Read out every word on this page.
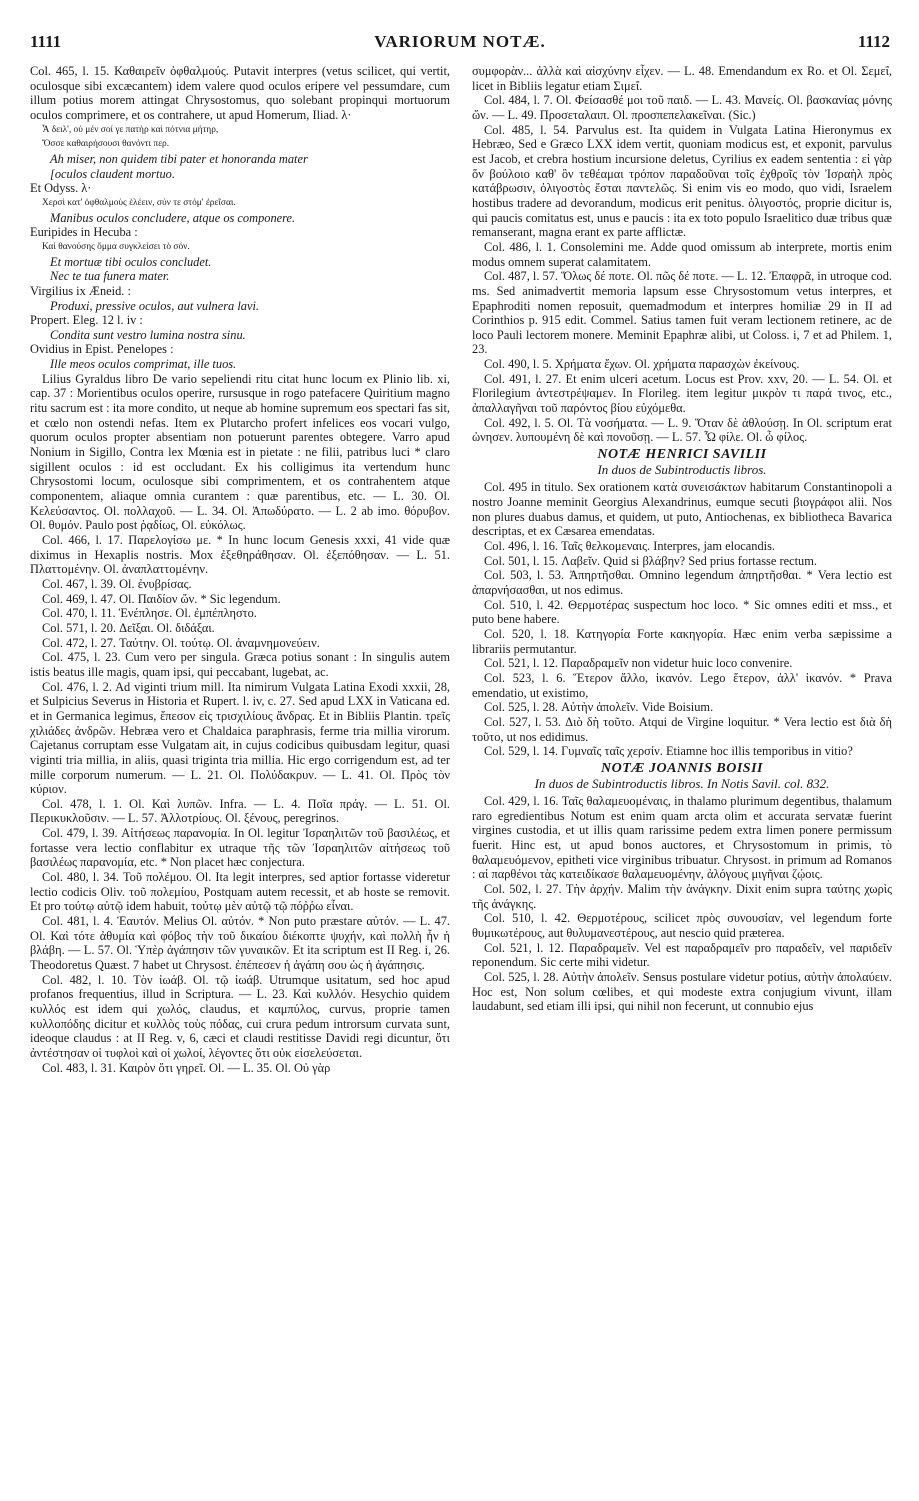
1111	VARIORUM NOTÆ.	1112

Col. 465, l. 15. Καθαιρεῖν ὀφθαλμούς. Putavit interpres (vetus scilicet, qui vertit, oculosque sibi excæcantem) idem valere quod oculos eripere vel pessumdare, cum illum potius morem attingat Chrysostomus, quo solebant propinqui mortuorum oculos comprimere, et os contrahere, ut apud Homerum, Iliad. λ·

Ἆ δειλ', οὐ μέν σοί γε πατὴρ καὶ πότνια μήτηρ,

Ὄσσε καθαιρήσουσι θανόντι περ.

Ah miser, non quidem tibi pater et honoranda mater

[oculos claudent mortuo.

Et Odyss. λ·

Χερσὶ κατ' ὀφθαλμοὺς ἑλέειν, σύν τε στόμ' ἐρεῖσαι.

Manibus oculos concludere, atque os componere.

Euripides in Hecuba :

Καὶ θανούσης ὄμμα συγκλείσει τὸ σόν.

Et mortuæ tibi oculos concludet.

Nec te tua funera mater.

Virgilius ix Æneid. :

Produxi, pressive oculos, aut vulnera lavi.

Propert. Eleg. 12 l. iv :

Condita sunt vestro lumina nostra sinu.

Ovidius in Epist. Penelopes :

Ille meos oculos comprimat, ille tuos.

Lilius Gyraldus libro De vario sepeliendi ritu citat hunc locum ex Plinio lib. xi, cap. 37 : Morientibus oculos operire, rursusque in rogo patefacere Quiritium magno ritu sacrum est : ita more condito, ut neque ab homine supremum eos spectari fas sit, et cœlo non ostendi nefas. Item ex Plutarcho profert infelices eos vocari vulgo, quorum oculos propter absentiam non potuerunt parentes obtegere. Varro apud Nonium in Sigillo, Contra lex Mœnia est in pietate : ne filii, patribus luci * claro sigillent oculos : id est occludant. Ex his colligimus ita vertendum hunc Chrysostomi locum, oculosque sibi comprimentem, et os contrahentem atque componentem, aliaque omnia curantem : quæ parentibus, etc. — L. 30. Ol. Κελεύσαντος. Ol. πολλαχοῦ. — L. 34. Ol. Ἀπωδύρατο. — L. 2 ab imo. θόρυβον. Ol. θυμόν. Paulo post ῥᾳδίως, Ol. εὐκόλως.

Col. 466, l. 17. Παρελογίσω με. * In hunc locum Genesis xxxi, 41 vide quæ diximus in Hexaplis nostris. Mox ἐξεθηράθησαν. Ol. ἐξεπόθησαν. — L. 51. Πλαττομένην. Ol. ἀναπλαττομένην.

Col. 467, l. 39. Ol. ἐνυβρίσας.

Col. 469, l. 47. Ol. Παιδίον ὤν. * Sic legendum.

Col. 470, l. 11. Ἐνέπλησε. Ol. ἐμπέπληστο.

Col. 571, l. 20. Δεῖξαι. Ol. διδάξαι.

Col. 472, l. 27. Ταύτην. Ol. τούτῳ. Ol. ἀναμνημονεύειν.

Col. 475, l. 23. Cum vero per singula. Græca potius sonant : In singulis autem istis beatus ille magis, quam ipsi, qui peccabant, lugebat, ac.

Col. 476, l. 2. Ad viginti trium mill. Ita nimirum Vulgata Latina Exodi xxxii, 28, et Sulpicius Severus in Historia et Rupert. l. iv, c. 27. Sed apud LXX in Vaticana ed. et in Germanica legimus, ἔπεσον εἰς τρισχιλίους ἄνδρας. Et in Bibliis Plantin. τρεῖς χιλιάδες ἀνδρῶν. Hebræa vero et Chaldaica paraphrasis, ferme tria millia virorum. Cajetanus corruptam esse Vulgatam ait, in cujus codicibus quibusdam legitur, quasi viginti tria millia, in aliis, quasi triginta tria millia. Hic ergo corrigendum est, ad ter mille corporum numerum. — L. 21. Ol. Πολύδακρυν. — L. 41. Ol. Πρὸς τὸν κύριον.

Col. 478, l. 1. Ol. Καὶ λυπῶν. Infra. — L. 4. Ποῖα πράγ. — L. 51. Ol. Περικυκλοῦσιν. — L. 57. Ἀλλοτρίους. Ol. ξένους, peregrinos.

Col. 479, l. 39. Αἰτήσεως παρανομία. In Ol. legitur Ἰσραηλιτῶν τοῦ βασιλέως, et fortasse vera lectio conflabitur ex utraque τῆς τῶν Ἰσραηλιτῶν αἰτήσεως τοῦ βασιλέως παρανομία, etc. * Non placet hæc conjectura.

Col. 480, l. 34. Τοῦ πολέμου. Ol. Ita legit interpres, sed aptior fortasse videretur lectio codicis Oliv. τοῦ πολεμίου, Postquam autem recessit, et ab hoste se removit. Et pro τούτῳ αὐτῷ idem habuit, τούτῳ μὲν αὐτῷ τῷ πόῤῥω εἶναι.

Col. 481, l. 4. Ἑαυτόν. Melius Ol. αὐτόν. * Non puto præstare αὐτόν. — L. 47. Ol. Καὶ τότε ἀθυμία καὶ φόβος τὴν τοῦ δικαίου διέκοπτε ψυχήν, καὶ πολλὴ ἦν ἡ βλάβη. — L. 57. Ol. Ὑπὲρ ἀγάπησιν τῶν γυναικῶν. Et ita scriptum est II Reg. i, 26. Theodoretus Quæst. 7 habet ut Chrysost. ἐπέπεσεν ἡ ἀγάπη σου ὡς ἡ ἀγάπησις.

Col. 482, l. 10. Τὸν ἰωάβ. Ol. τῷ ἰωάβ. Utrumque usitatum, sed hoc apud profanos frequentius, illud in Scriptura. — L. 23. Καὶ κυλλόν. Hesychio quidem κυλλός est idem qui χωλός, claudus, et καμπύλος, curvus, proprie tamen κυλλοπόδης dicitur et κυλλὸς τοὺς πόδας, cui crura pedum introrsum curvata sunt, ideoque claudus : at II Reg. v, 6, cæci et claudi restitisse Davidi regi dicuntur, ὅτι ἀντέστησαν οἱ τυφλοὶ καὶ οἱ χωλοί, λέγοντες ὅτι οὐκ εἰσελεύσεται.

Col. 483, l. 31. Καιρὸν ὅτι γηρεῖ. Ol. — L. 35. Ol. Οὐ γὰρ

συμφορὰν... ἀλλὰ καὶ αἰσχύνην εἶχεν. — L. 48. Emendandum ex Ro. et Ol. Σεμεΐ, licet in Bibliis legatur etiam Σιμεΐ.

Col. 484, l. 7. Ol. Φείσασθέ μοι τοῦ παιδ. — L. 43. Μανείς. Ol. βασκανίας μόνης ὤν. — L. 49. Προσεταλαιπ. Ol. προσπεπελακεῖναι. (Sic.)

Col. 485, l. 54. Parvulus est. Ita quidem in Vulgata Latina Hieronymus ex Hebræo, Sed e Græco LXX idem vertit, quoniam modicus est, et exponit, parvulus est Jacob, et crebra hostium incursione deletus, Cyrilius ex eadem sententia : εἰ γὰρ ὅν βούλοιο καθ' ὃν τεθέαμαι τρόπον παραδοῦναι τοῖς ἐχθροῖς τὸν Ἰσραὴλ πρὸς κατάβρωσιν, ὀλιγοστὸς ἔσται παντελῶς. Si enim vis eo modo, quo vidi, Israelem hostibus tradere ad devorandum, modicus erit penitus. ὀλιγοστός, proprie dicitur is, qui paucis comitatus est, unus e paucis : ita ex toto populo Israelitico duæ tribus quæ remanserant, magna erant ex parte afflictæ.

Col. 486, l. 1. Consolemini me. Adde quod omissum ab interprete, mortis enim modus omnem superat calamitatem.

Col. 487, l. 57. Ὅλως δέ ποτε. Ol. πῶς δέ ποτε. — L. 12. Ἐπαφρᾶ, in utroque cod. ms. Sed animadvertit memoria lapsum esse Chrysostomum vetus interpres, et Epaphroditi nomen reposuit, quemadmodum et interpres homiliæ 29 in II ad Corinthios p. 915 edit. Commel. Satius tamen fuit veram lectionem retinere, ac de loco Pauli lectorem monere. Meminit Epaphræ alibi, ut Coloss. i, 7 et ad Philem. 1, 23.

Col. 490, l. 5. Χρήματα ἔχων. Ol. χρήματα παρασχὼν ἐκείνους.

Col. 491, l. 27. Et enim ulceri acetum. Locus est Prov. xxv, 20. — L. 54. Ol. et Florilegium ἀντεστρέψαμεν. In Florileg. item legitur μικρὸν τι παρά τινος, etc., ἀπαλλαγῆναι τοῦ παρόντος βίου εὐχόμεθα.

Col. 492, l. 5. Ol. Τὰ νοσήματα. — L. 9. Ὅταν δὲ ἀθλούσῃ. In Ol. scriptum erat ὠνησεν. λυπουμένη δὲ καὶ πονοῦσῃ. — L. 57. Ὦ φίλε. Ol. ὦ φίλος.

NOTÆ HENRICI SAVILII

In duos de Subintroductis libros.

Col. 495 in titulo. Sex orationem κατὰ συνεισάκτων habitarum Constantinopoli a nostro Joanne meminit Georgius Alexandrinus, eumque secuti βιογράφοι alii. Nos non plures duabus damus, et quidem, ut puto, Antiochenas, ex bibliotheca Bavarica descriptas, et ex Cæsarea emendatas.

Col. 496, l. 16. Ταῖς θελκομεναις. Interpres, jam elocandis.

Col. 501, l. 15. Λαβεῖν. Quid si βλάβην? Sed prius fortasse rectum.

Col. 503, l. 53. Ἀπηρτῆσθαι. Omnino legendum ἀπηρτῆσθαι. * Vera lectio est ἀπαρνήσασθαι, ut nos edimus.

Col. 510, l. 42. Θερμοτέρας suspectum hoc loco. * Sic omnes editi et mss., et puto bene habere.

Col. 520, l. 18. Κατηγορία Forte κακηγορία. Hæc enim verba sæpissime a librariis permutantur.

Col. 521, l. 12. Παραδραμεῖν non videtur huic loco convenire.

Col. 523, l. 6. Ἕτερον ἄλλο, ἱκανόν. Lego ἕτερον, ἀλλ' ἱκανόν. * Prava emendatio, ut existimo,

Col. 525, l. 28. Αὐτὴν ἀπολεῖν. Vide Boisium.

Col. 527, l. 53. Διὸ δὴ τοῦτο. Atqui de Virgine loquitur. * Vera lectio est διὰ δὴ τοῦτο, ut nos edidimus.

Col. 529, l. 14. Γυμναῖς ταῖς χερσίν. Etiamne hoc illis temporibus in vitio?

NOTÆ JOANNIS BOISII

In duos de Subintroductis libros. In Notis Savil. col. 832.

Col. 429, l. 16. Ταῖς θαλαμευομέναις, in thalamo plurimum degentibus, thalamum raro egredientibus Notum est enim quam arcta olim et accurata servatæ fuerint virgines custodia, et ut illis quam rarissime pedem extra limen ponere permissum fuerit. Hinc est, ut apud bonos auctores, et Chrysostomum in primis, τὸ θαλαμευόμενον, epitheti vice virginibus tribuatur. Chrysost. in primum ad Romanos : αἱ παρθένοι τὰς κατειδίκασε θαλαμευομένην, ἀλόγους μιγῆναι ζῴοις.

Col. 502, l. 27. Τὴν ἀρχήν. Malim τὴν ἀνάγκην. Dixit enim supra ταύτης χωρὶς τῆς ἀνάγκης.

Col. 510, l. 42. Θερμοτέρους, scilicet πρὸς συνουσίαν, vel legendum forte θυμικωτέρους, aut θυλυμανεστέρους, aut nescio quid præterea.

Col. 521, l. 12. Παραδραμεῖν. Vel est παραδραμεῖν pro παραδεῖν, vel παριδεῖν reponendum. Sic certe mihi videtur.

Col. 525, l. 28. Αὐτὴν ἀπολεῖν. Sensus postulare videtur potius, αὐτὴν ἀπολαύειν. Hoc est, Non solum cœlibes, et qui modeste extra conjugium vivunt, illam laudabunt, sed etiam illi ipsi, qui nihil non fecerunt, ut connubio ejus
